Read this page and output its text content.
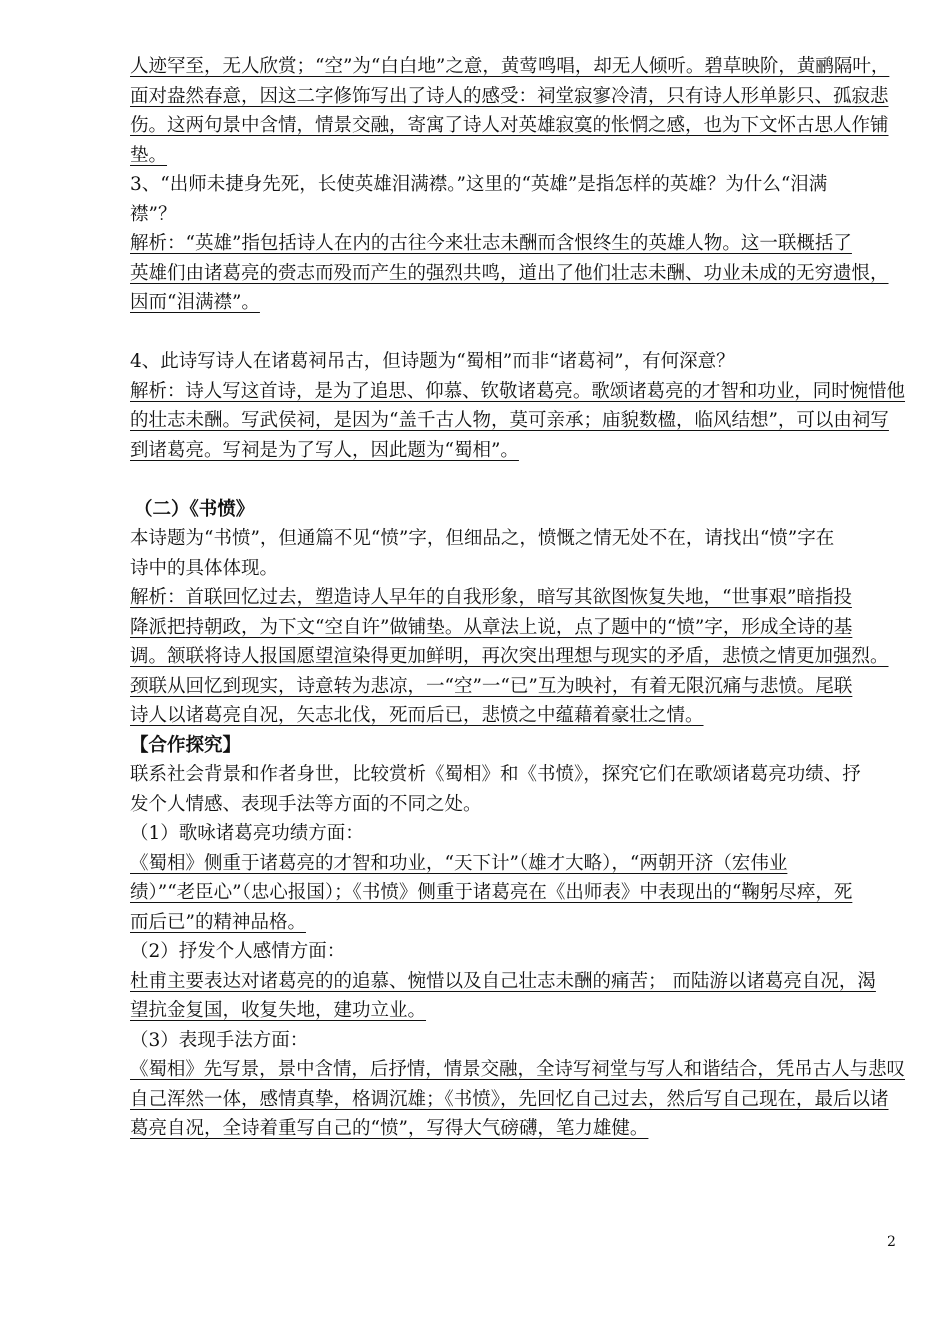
人迹罕至，无人欣赏；“空”为“白白地”之意，黄莺鸣唱，却无人倾听。碧草映阶，黄鹂隔叶，
面对盎然春意，因这二字修饰写出了诗人的感受：祠堂寂寥冷清，只有诗人形单影只、孤寂悲
伤。这两句景中含情，情景交融，寄寓了诗人对英雄寂寞的怅惘之感，也为下文怀古思人作铺
垫。
3、“出师未捷身先死，长使英雄泪满襟。”这里的“英雄”是指怎样的英雄？为什么“泪满
襟”？
解析：“英雄”指包括诗人在内的古往今来壮志未酬而含恨终生的英雄人物。这一联概括了
英雄们由诸葛亮的赍志而殁而产生的强烈共鸣，道出了他们壮志未酬、功业未成的无穷遗恨，
因而“泪满襟”。
4、此诗写诗人在诸葛祠吊古，但诗题为“蜀相”而非“诸葛祠”，有何深意？
解析：诗人写这首诗，是为了追思、仰慕、钦敬诸葛亮。歌颂诸葛亮的才智和功业，同时惋惜他
的壮志未酬。写武侯祠，是因为“盖千古人物，莫可亲承；庙貌数楹，临风结想”，可以由祠写
到诸葛亮。写祠是为了写人，因此题为“蜀相”。
（二）《书愤》
本诗题为“书愤”，但通篇不见“愤”字，但细品之，愤慨之情无处不在，请找出“愤”字在
诗中的具体体现。
解析：首联回忆过去，塑造诗人早年的自我形象，暗写其欲图恢复失地，“世事艰”暗指投
降派把持朝政，为下文“空自许”做铺垫。从章法上说，点了题中的“愤”字，形成全诗的基
调。颔联将诗人报国愿望渲染得更加鲜明，再次突出理想与现实的矛盾，悲愤之情更加强烈。
颈联从回忆到现实，诗意转为悲凉，一“空”一“已”互为映衬，有着无限沉痛与悲愤。尾联
诗人以诸葛亮自况，矢志北伐，死而后已，悲愤之中蕴藉着豪壮之情。
【合作探究】
联系社会背景和作者身世，比较赏析《蜀相》和《书愤》，探究它们在歌颂诸葛亮功绩、抒
发个人情感、表现手法等方面的不同之处。
（1）歌咏诸葛亮功绩方面：
《蜀相》侧重于诸葛亮的才智和功业，“天下计”（雄才大略），“两朝开济（宏伟业
绩）”“老臣心”（忠心报国）；《书愤》侧重于诸葛亮在《出师表》中表现出的“鞠躬尽瘁，死
而后已”的精神品格。
（2）抒发个人感情方面：
杜甫主要表达对诸葛亮的的追慕、惋惜以及自己壮志未酬的痛苦； 而陆游以诸葛亮自况，渴
望抗金复国，收复失地，建功立业。
（3）表现手法方面：
《蜀相》先写景，景中含情，后抒情，情景交融，全诗写祠堂与写人和谐结合，凭吊古人与悲叹
自己浑然一体，感情真挚，格调沉雄；《书愤》，先回忆自己过去，然后写自己现在，最后以诸
葛亮自况，全诗着重写自己的“愤”，写得大气磅礴，笔力雄健。
2
